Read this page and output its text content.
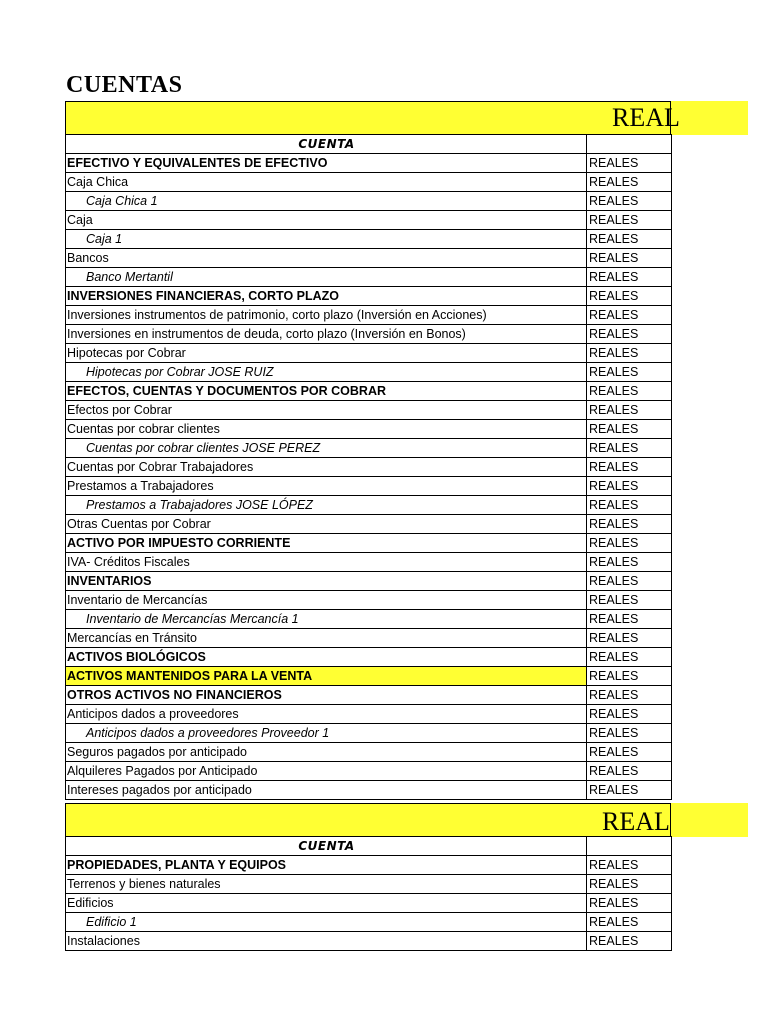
CUENTAS
REAL
CUENTA	
EFECTIVO Y EQUIVALENTES DE EFECTIVO	REALES
Caja Chica	REALES
Caja Chica 1	REALES
Caja	REALES
Caja 1	REALES
Bancos	REALES
Banco Mertantil	REALES
INVERSIONES FINANCIERAS, CORTO PLAZO	REALES
Inversiones instrumentos de patrimonio, corto plazo (Inversión en Acciones)	REALES
Inversiones en instrumentos de deuda, corto plazo (Inversión en Bonos)	REALES
Hipotecas por Cobrar	REALES
Hipotecas por Cobrar JOSE RUIZ	REALES
EFECTOS, CUENTAS Y DOCUMENTOS POR COBRAR	REALES
Efectos por Cobrar	REALES
Cuentas por cobrar clientes	REALES
Cuentas por cobrar clientes JOSE PEREZ	REALES
Cuentas por Cobrar Trabajadores	REALES
Prestamos a Trabajadores	REALES
Prestamos a Trabajadores JOSE LÓPEZ	REALES
Otras Cuentas por Cobrar	REALES
ACTIVO POR IMPUESTO CORRIENTE	REALES
IVA- Créditos Fiscales	REALES
INVENTARIOS	REALES
Inventario de Mercancías	REALES
Inventario de Mercancías Mercancía 1	REALES
Mercancías en Tránsito	REALES
ACTIVOS BIOLÓGICOS	REALES
ACTIVOS MANTENIDOS PARA LA VENTA	REALES
OTROS ACTIVOS NO FINANCIEROS	REALES
Anticipos dados a proveedores	REALES
Anticipos dados a proveedores Proveedor 1	REALES
Seguros pagados por anticipado	REALES
Alquileres Pagados por Anticipado	REALES
Intereses pagados por anticipado	REALES
REAL
CUENTA	
PROPIEDADES, PLANTA Y EQUIPOS	REALES
Terrenos y bienes naturales	REALES
Edificios	REALES
Edificio 1	REALES
Instalaciones	REALES
